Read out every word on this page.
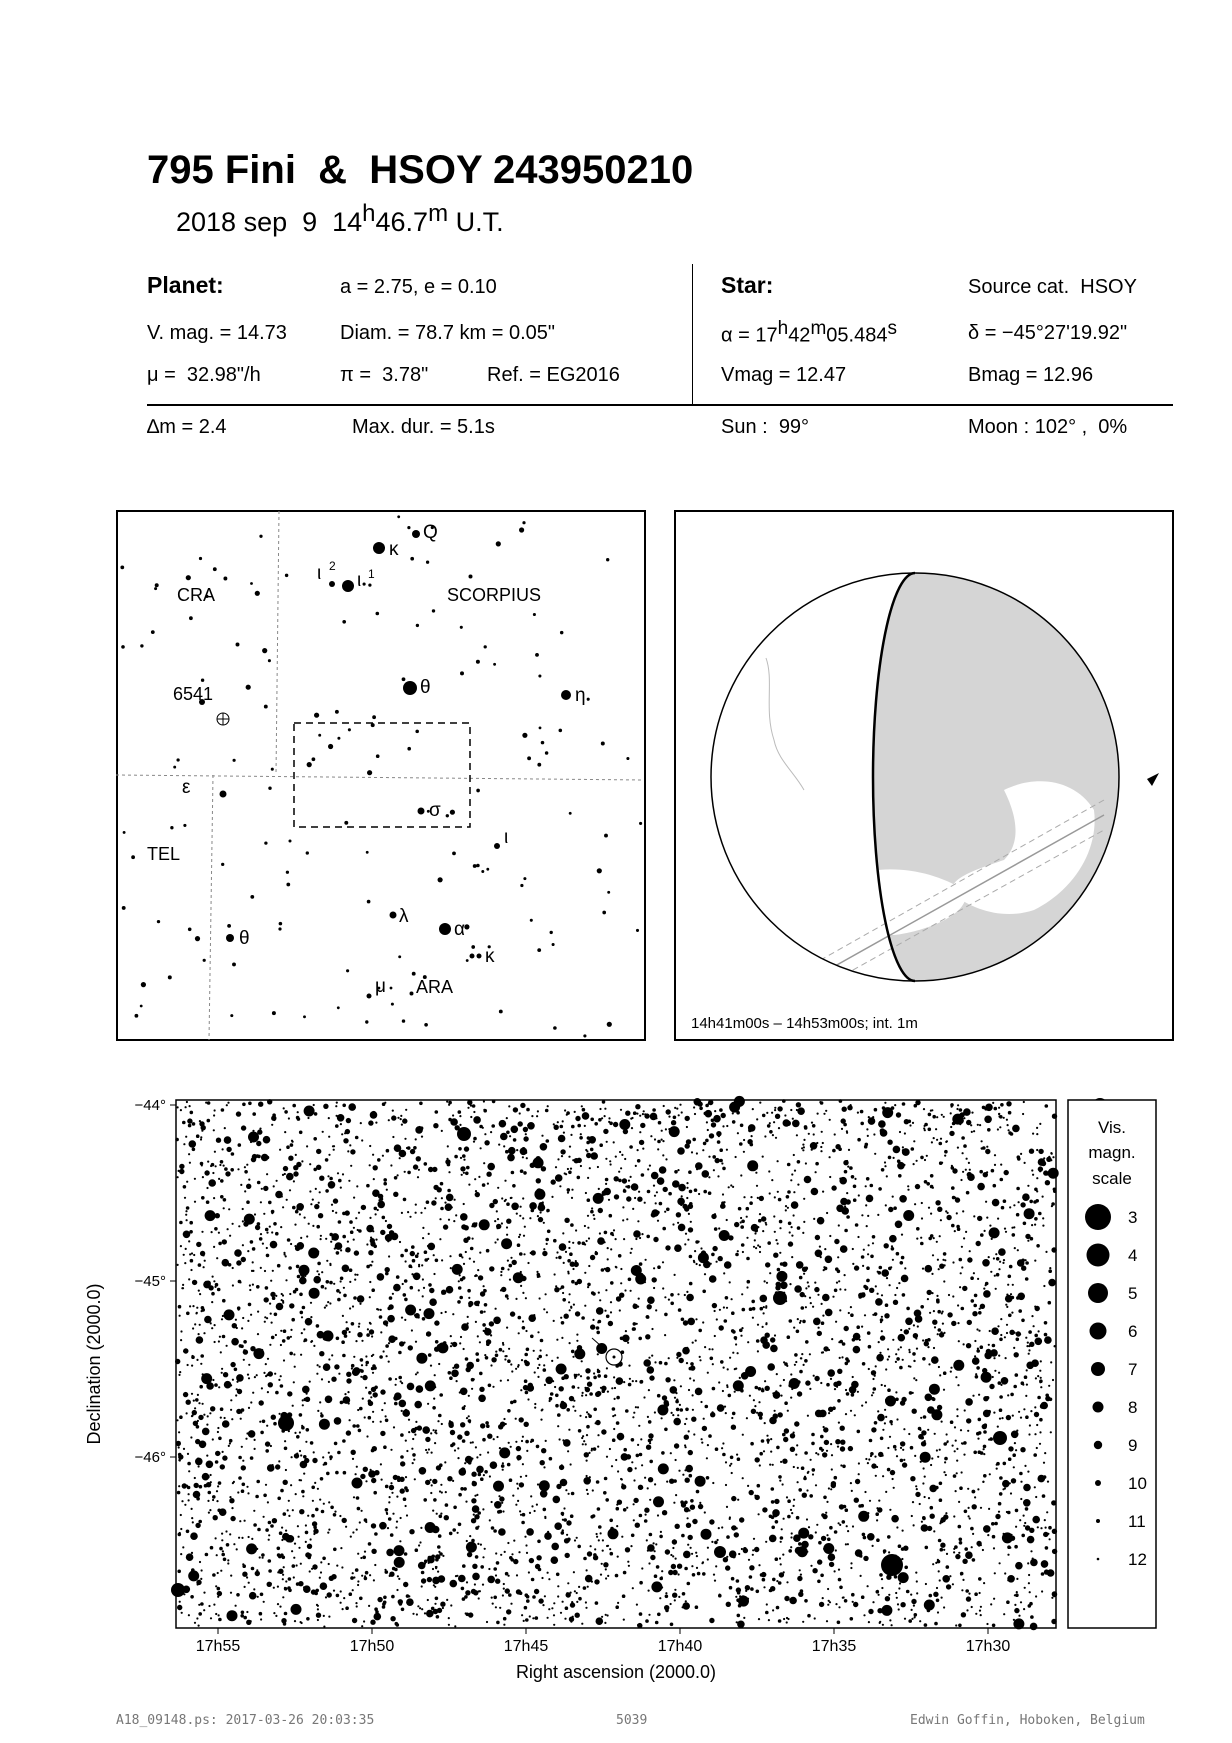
795 Fini  &  HSOY 243950210
2018 sep  9  14$^h$46.7$^m$ U.T.
Planet:	a = 2.75, e = 0.10
V. mag. = 14.73	Diam. = 78.7 km = 0.05"
μ =  32.98"/h	π =  3.78"	Ref. = EG2016
Star:	Source cat.  HSOY
$\alpha = 17^h42^m05.484^s$	δ = −45°27'19.92"
Vmag = 12.47	Bmag = 12.96
∆m = 2.4	Max. dur. = 5.1s	Sun :  99°	Moon : 102° ,  0%
κ
Q
ι 2
ι 1
θ	η
ε
σ
ι
λ
α
κ
θ
μ
CRA	SCORPIUS
TEL
ARA
6541
14h41m00s – 14h53m00s; int. 1m
−44°
−45°
−46°
17h55	17h50	17h45	17h40	17h35	17h30
Right ascension (2000.0)
Declination (2000.0)
Vis.
magn.
scale
3
4
5
6
7
8
9
10
11
12
A18_09148.ps: 2017-03-26 20:03:35	5039	Edwin Goffin, Hoboken, Belgium
